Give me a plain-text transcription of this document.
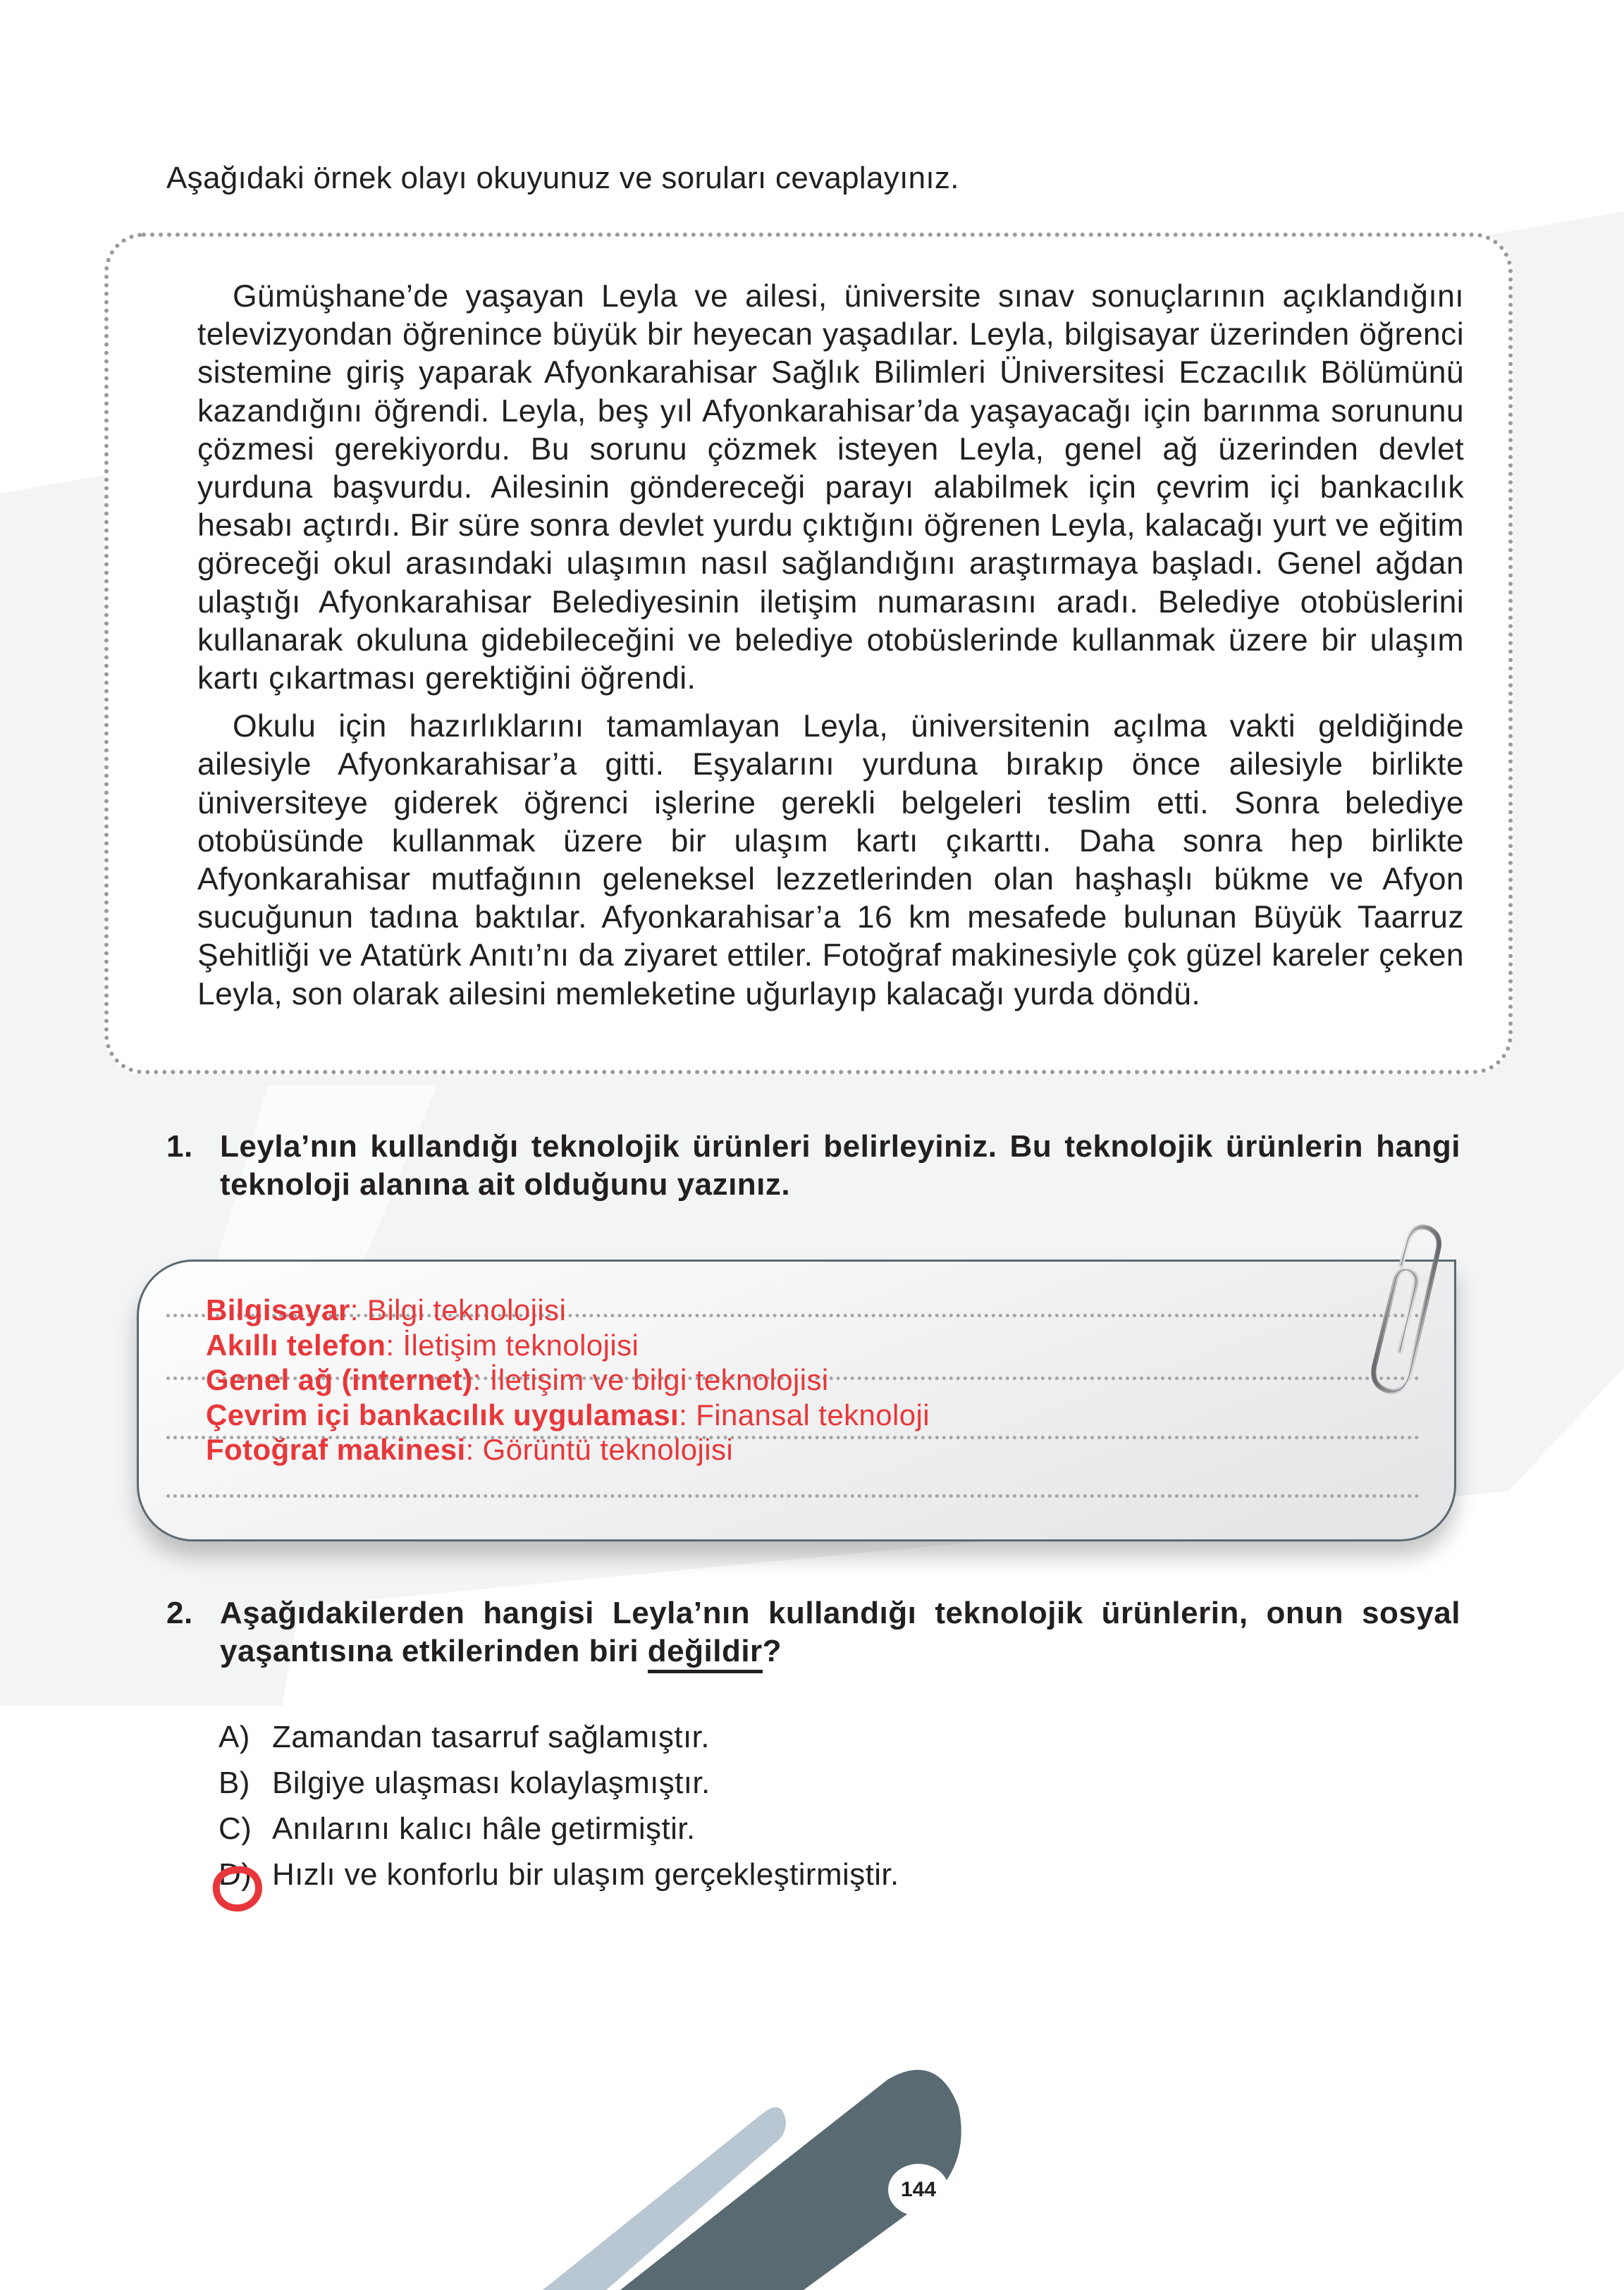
Aşağıdaki örnek olayı okuyunuz ve soruları cevaplayınız.

Gümüşhane’de yaşayan Leyla ve ailesi, üniversite sınav sonuçlarının açıklandığını televizyondan öğrenince büyük bir heyecan yaşadılar. Leyla, bilgisayar üzerinden öğrenci sistemine giriş yaparak Afyonkarahisar Sağlık Bilimleri Üniversitesi Eczacılık Bölümünü kazandığını öğrendi. Leyla, beş yıl Afyonkarahisar’da yaşayacağı için barınma sorununu çözmesi gerekiyordu. Bu sorunu çözmek isteyen Leyla, genel ağ üzerinden devlet yurduna başvurdu. Ailesinin göndereceği parayı alabilmek için çevrim içi bankacılık hesabı açtırdı. Bir süre sonra devlet yurdu çıktığını öğrenen Leyla, kalacağı yurt ve eğitim göreceği okul arasındaki ulaşımın nasıl sağlandığını araştırmaya başladı. Genel ağdan ulaştığı Afyonkarahisar Belediyesinin iletişim numarasını aradı. Belediye otobüslerini kullanarak okuluna gidebileceğini ve belediye otobüslerinde kullanmak üzere bir ulaşım kartı çıkartması gerektiğini öğrendi.

Okulu için hazırlıklarını tamamlayan Leyla, üniversitenin açılma vakti geldiğinde ailesiyle Afyonkarahisar’a gitti. Eşyalarını yurduna bırakıp önce ailesiyle birlikte üniversiteye giderek öğrenci işlerine gerekli belgeleri teslim etti. Sonra belediye otobüsünde kullanmak üzere bir ulaşım kartı çıkarttı. Daha sonra hep birlikte Afyonkarahisar mutfağının geleneksel lezzetlerinden olan haşhaşlı bükme ve Afyon sucuğunun tadına baktılar. Afyonkarahisar’a 16 km mesafede bulunan Büyük Taarruz Şehitliği ve Atatürk Anıtı’nı da ziyaret ettiler. Fotoğraf makinesiyle çok güzel kareler çeken Leyla, son olarak ailesini memleketine uğurlayıp kalacağı yurda döndü.

1. Leyla’nın kullandığı teknolojik ürünleri belirleyiniz. Bu teknolojik ürünlerin hangi teknoloji alanına ait olduğunu yazınız.
Bilgisayar: Bilgi teknolojisi
Akıllı telefon: İletişim teknolojisi
Genel ağ (internet): İletişim ve bilgi teknolojisi
Çevrim içi bankacılık uygulaması: Finansal teknoloji
Fotoğraf makinesi: Görüntü teknolojisi
2. Aşağıdakilerden hangisi Leyla’nın kullandığı teknolojik ürünlerin, onun sosyal yaşantısına etkilerinden biri değildir?
A) Zamandan tasarruf sağlamıştır.
B) Bilgiye ulaşması kolaylaşmıştır.
C) Anılarını kalıcı hâle getirmiştir.
D) Hızlı ve konforlu bir ulaşım gerçekleştirmiştir.
144
